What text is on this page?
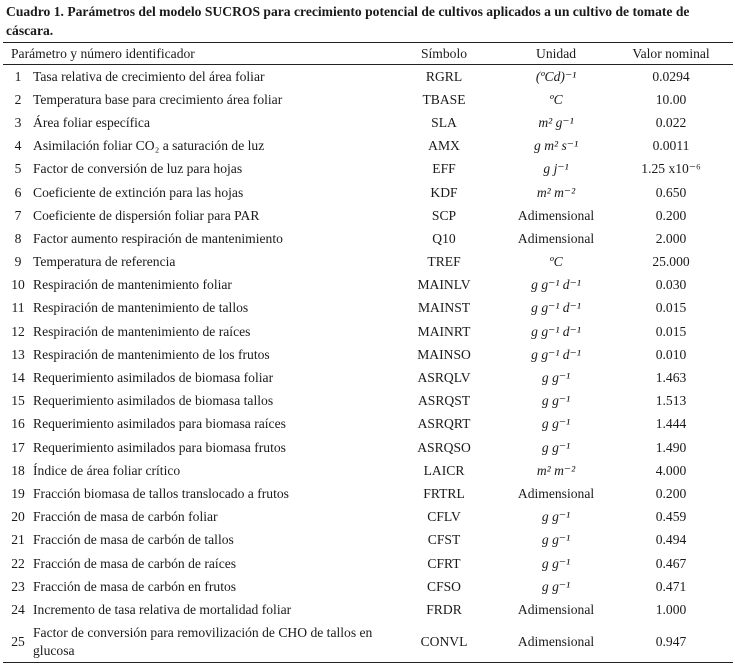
Cuadro 1. Parámetros del modelo SUCROS para crecimiento potencial de cultivos aplicados a un cultivo de tomate de cáscara.

Parámetro y número identificador		Símbolo	Unidad	Valor nominal
1	Tasa relativa de crecimiento del área foliar	RGRL	(ºCd)⁻¹	0.0294
2	Temperatura base para crecimiento área foliar	TBASE	ºC	10.00
3	Área foliar específica	SLA	m² g⁻¹	0.022
4	Asimilación foliar CO₂ a saturación de luz	AMX	g m² s⁻¹	0.0011
5	Factor de conversión de luz para hojas	EFF	g j⁻¹	1.25 x10⁻⁶
6	Coeficiente de extinción para las hojas	KDF	m² m⁻²	0.650
7	Coeficiente de dispersión foliar para PAR	SCP	Adimensional	0.200
8	Factor aumento respiración de mantenimiento	Q10	Adimensional	2.000
9	Temperatura de referencia	TREF	ºC	25.000
10	Respiración de mantenimiento foliar	MAINLV	g g⁻¹ d⁻¹	0.030
11	Respiración de mantenimiento de tallos	MAINST	g g⁻¹ d⁻¹	0.015
12	Respiración de mantenimiento de raíces	MAINRT	g g⁻¹ d⁻¹	0.015
13	Respiración de mantenimiento de los frutos	MAINSO	g g⁻¹ d⁻¹	0.010
14	Requerimiento asimilados de biomasa foliar	ASRQLV	g g⁻¹	1.463
15	Requerimiento asimilados de biomasa tallos	ASRQST	g g⁻¹	1.513
16	Requerimiento asimilados para biomasa raíces	ASRQRT	g g⁻¹	1.444
17	Requerimiento asimilados para biomasa frutos	ASRQSO	g g⁻¹	1.490
18	Índice de área foliar crítico	LAICR	m² m⁻²	4.000
19	Fracción biomasa de tallos translocado a frutos	FRTRL	Adimensional	0.200
20	Fracción de masa de carbón foliar	CFLV	g g⁻¹	0.459
21	Fracción de masa de carbón de tallos	CFST	g g⁻¹	0.494
22	Fracción de masa de carbón de raíces	CFRT	g g⁻¹	0.467
23	Fracción de masa de carbón en frutos	CFSO	g g⁻¹	0.471
24	Incremento de tasa relativa de mortalidad foliar	FRDR	Adimensional	1.000
25	Factor de conversión para removilización de CHO de tallos en glucosa	CONVL	Adimensional	0.947
